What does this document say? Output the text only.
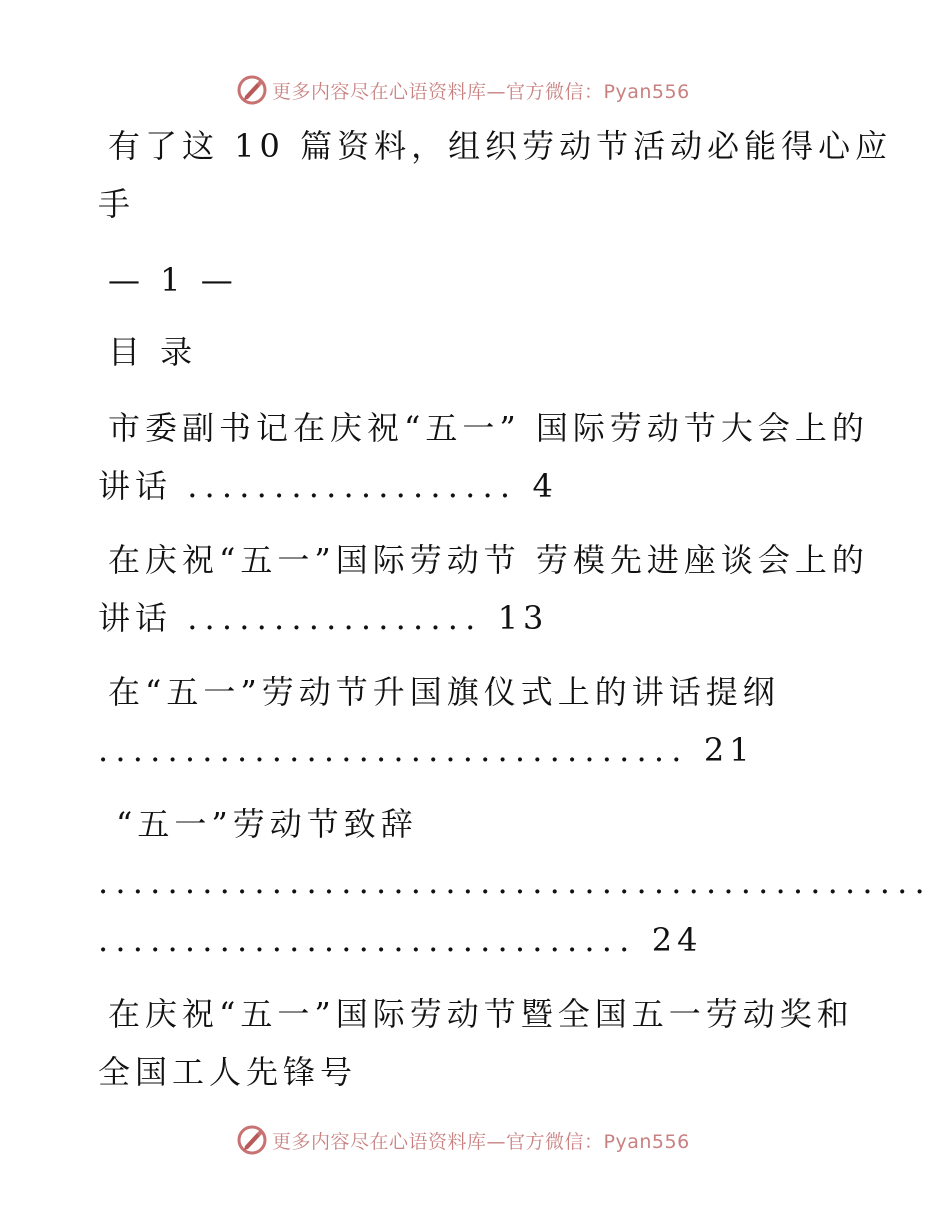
更多内容尽在心语资料库—官方微信：Pyan556
有了这 10 篇资料，组织劳动节活动必能得心应
手
— 1 —
目 录
市委副书记在庆祝“五一” 国际劳动节大会上的
讲话 ................... 4
在庆祝“五一”国际劳动节 劳模先进座谈会上的
讲话 ................. 13
在“五一”劳动节升国旗仪式上的讲话提纲
.................................. 21
“五一”劳动节致辞
................................................
............................... 24
在庆祝“五一”国际劳动节暨全国五一劳动奖和
全国工人先锋号
更多内容尽在心语资料库—官方微信：Pyan556
